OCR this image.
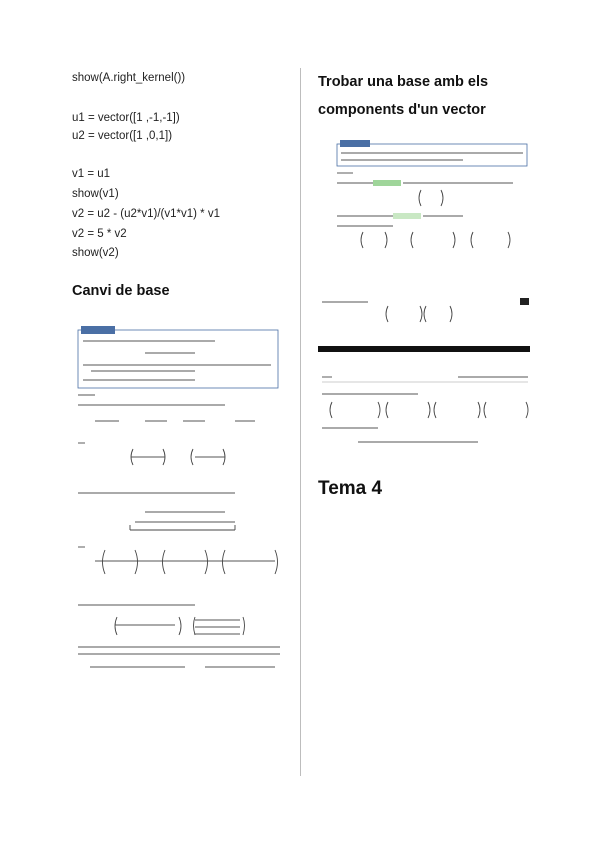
show(A.right_kernel())
u1 = vector([1 ,-1,-1])
u2 = vector([1 ,0,1])
v1 = u1
show(v1)
v2 = u2 - (u2*v1)/(v1*v1) * v1
v2 = 5 * v2
show(v2)
Canvi de base
Trobar una base amb els components d'un vector
Tema 4
